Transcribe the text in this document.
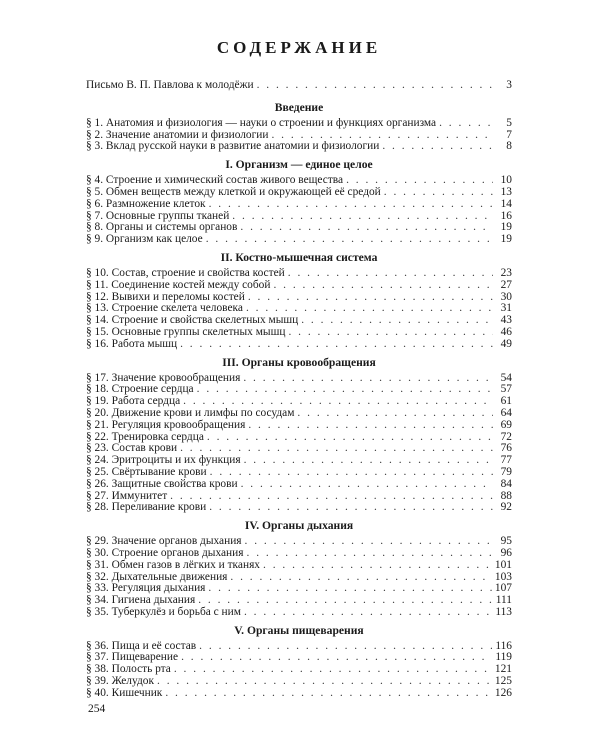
СОДЕРЖАНИЕ
Письмо В. П. Павлова к молодёжи . . .	3
Введение
§ 1. Анатомия и физиология — науки о строении и функциях организма . . .	5
§ 2. Значение анатомии и физиологии . . .	7
§ 3. Вклад русской науки в развитие анатомии и физиологии . . .	8
I. Организм — единое целое
§ 4. Строение и химический состав живого вещества . . .	10
§ 5. Обмен веществ между клеткой и окружающей её средой . . .	13
§ 6. Размножение клеток . . .	14
§ 7. Основные группы тканей . . .	16
§ 8. Органы и системы органов . . .	19
§ 9. Организм как целое . . .	19
II. Костно-мышечная система
§ 10. Состав, строение и свойства костей . . .	23
§ 11. Соединение костей между собой . . .	27
§ 12. Вывихи и переломы костей . . .	30
§ 13. Строение скелета человека . . .	31
§ 14. Строение и свойства скелетных мышц . . .	43
§ 15. Основные группы скелетных мышц . . .	46
§ 16. Работа мышц . . .	49
III. Органы кровообращения
§ 17. Значение кровообращения . . .	54
§ 18. Строение сердца . . .	57
§ 19. Работа сердца . . .	61
§ 20. Движение крови и лимфы по сосудам . . .	64
§ 21. Регуляция кровообращения . . .	69
§ 22. Тренировка сердца . . .	72
§ 23. Состав крови . . .	76
§ 24. Эритроциты и их функция . . .	77
§ 25. Свёртывание крови . . .	79
§ 26. Защитные свойства крови . . .	84
§ 27. Иммунитет . . .	88
§ 28. Переливание крови . . .	92
IV. Органы дыхания
§ 29. Значение органов дыхания . . .	95
§ 30. Строение органов дыхания . . .	96
§ 31. Обмен газов в лёгких и тканях . . .	101
§ 32. Дыхательные движения . . .	103
§ 33. Регуляция дыхания . . .	107
§ 34. Гигиена дыхания . . .	111
§ 35. Туберкулёз и борьба с ним . . .	113
V. Органы пищеварения
§ 36. Пища и её состав . . .	116
§ 37. Пищеварение . . .	119
§ 38. Полость рта . . .	121
§ 39. Желудок . . .	125
§ 40. Кишечник . . .	126
254
